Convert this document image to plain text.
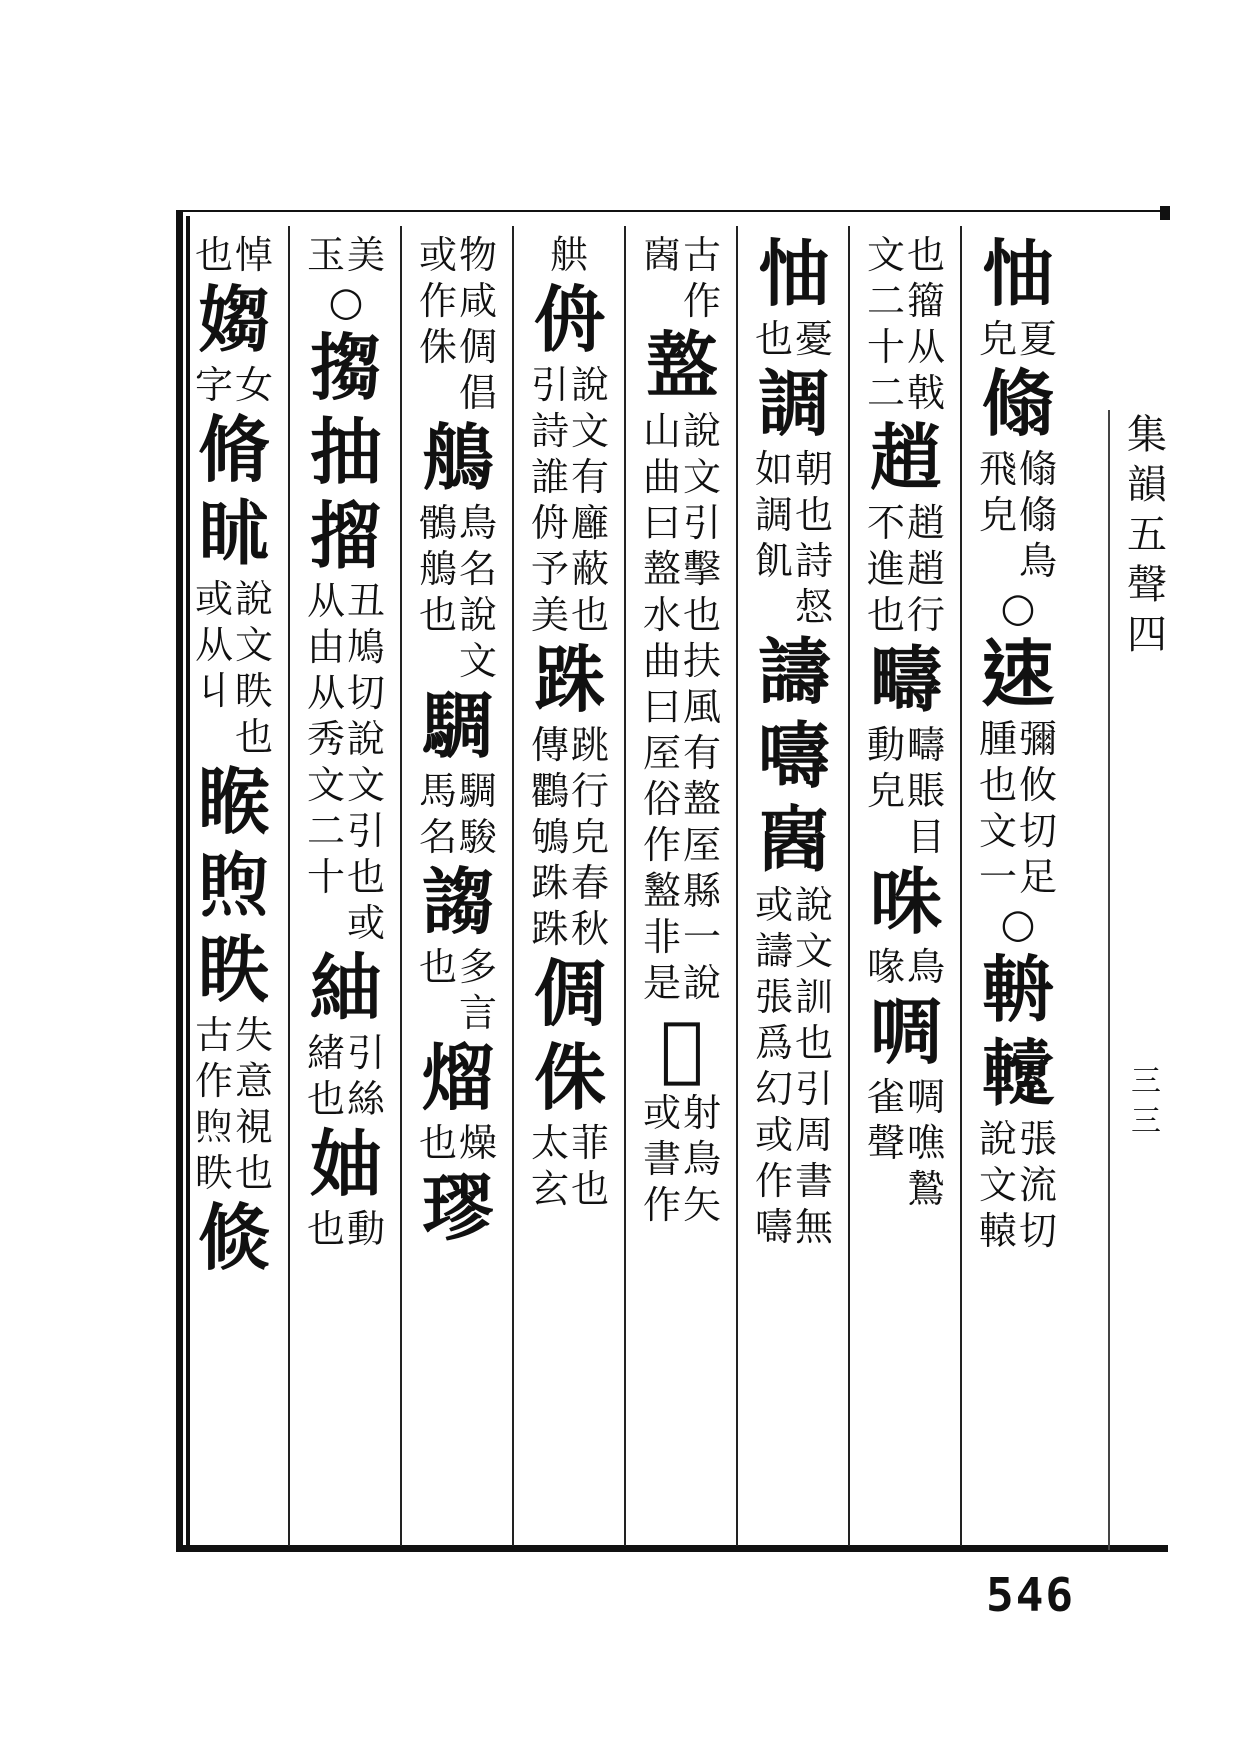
集
韻
五
聲
四
三三
怞
夏
皃
翛
翛
翛
鳥
飛
皃
○
𨒪
彌
攸
切
足
腫
也
文
一
○
輈
𨏡
張
流
切
說
文
轅
也
籀
从
戟
文
二
十
二
趙
趙
趙
行
不
進
也
疇
疇
賬
目
動
皃
咮
鳥
喙
啁
啁
噍
鷙
雀
聲
怞
憂
也
調
朝
也
詩
惄
如
調
飢
譸
嚋
𠾃
說
文
訓
也
引
周
書
無
或
譸
張
爲
幻
或
作
嚋
古
作
𠾃
盩
說
文
引
擊
也
扶
風
有
盩
厔
縣
一
說
山
曲
曰
盩
水
曲
曰
厔
俗
作
盭
非
是
𢏹
射
鳥
矢
或
書
作
舼
侜
說
文
有
廱
蔽
也
引
詩
誰
侜
予
美
跦
跳
行
皃
春
秋
傳
鸜
鴝
跦
跦
倜
侏
菲
也
太
玄
物
或
咸
倜
倡
作
侏
鵃
鳥
名
說
文
鶻
鵃
也
騆
騆
駿
馬
名
謅
多
言
也
熘
燥
也
璆
美
玉
○
搊
抽
㨨
丑
鳩
切
說
文
引
也
或
从
由
从
秀
文
二
十
紬
引
絲
緒
也
妯
動
也
悼
也
媰
女
字
脩
𥄵
說
文
眣
也
或
从
丩
睺
𥈈
眣
失
意
視
也
古
作
𥈈
眣
倐
546
